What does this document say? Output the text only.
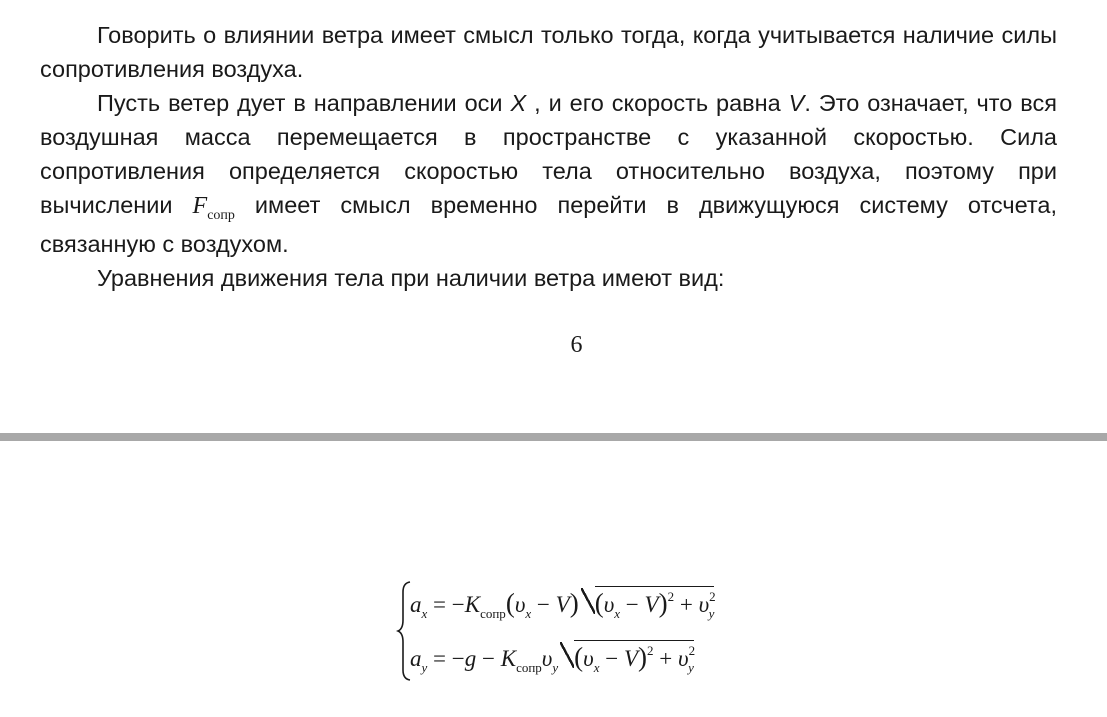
Говорить о влиянии ветра имеет смысл только тогда, когда учитывается наличие силы сопротивления воздуха.

Пусть ветер дует в направлении оси X , и его скорость равна V. Это означает, что вся воздушная масса перемещается в пространстве с указанной скоростью. Сила сопротивления определяется скоростью тела относительно воздуха, поэтому при вычислении $F_{сопр}$ имеет смысл временно перейти в движущуюся систему отсчета, связанную с воздухом.

Уравнения движения тела при наличии ветра имеют вид:

6
$a_x = -K_{сопр}(\upsilon_x - V) (\upsilon_x - V)^2 + \upsilon^2_y$
$a_y = -g - K_{сопр}\upsilon_y$ $(\upsilon_x - V)^2 + \upsilon^2_y$
